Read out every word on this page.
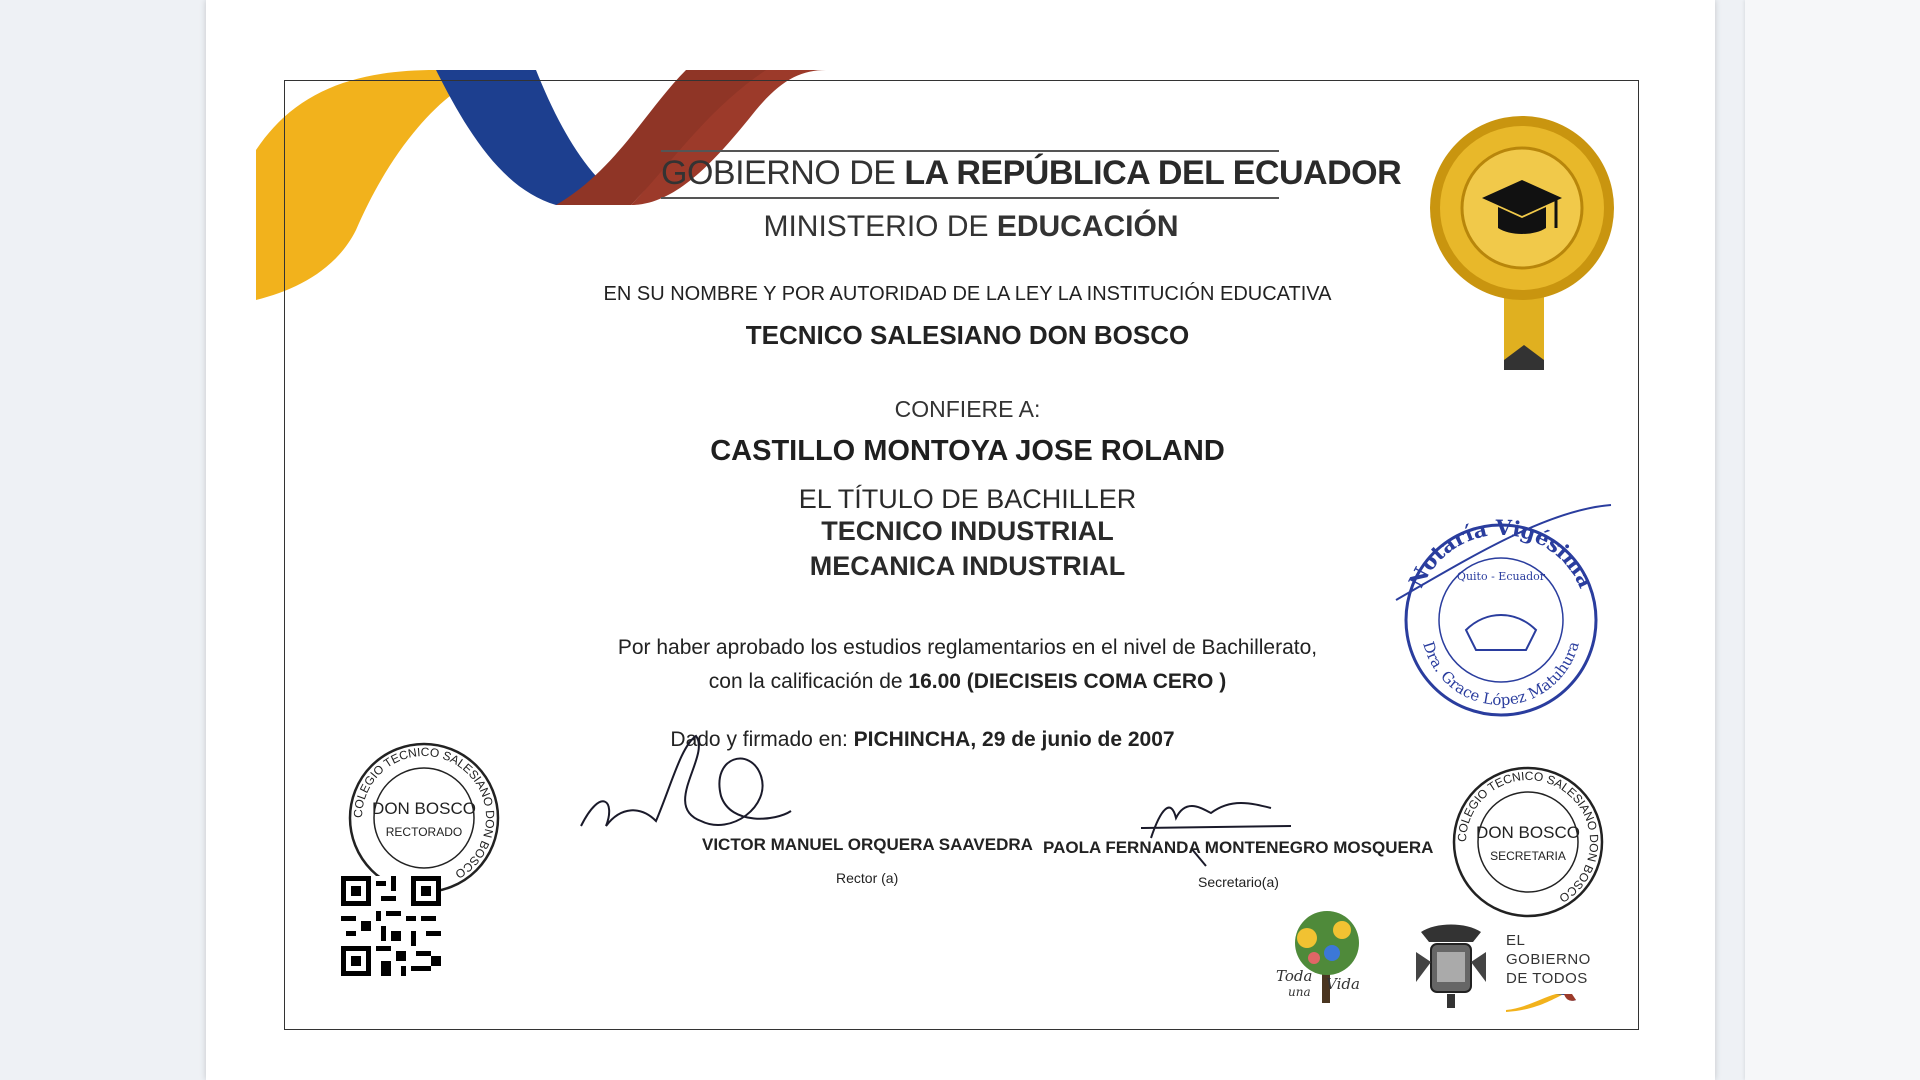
GOBIERNO DE LA REPÚBLICA DEL ECUADOR
MINISTERIO DE EDUCACIÓN
EN SU NOMBRE Y POR AUTORIDAD DE LA LEY LA INSTITUCIÓN EDUCATIVA
TECNICO SALESIANO DON BOSCO
CONFIERE A:
CASTILLO MONTOYA JOSE ROLAND
EL TÍTULO DE BACHILLER
TECNICO INDUSTRIAL
MECANICA INDUSTRIAL
Por haber aprobado los estudios reglamentarios en el nivel de Bachillerato,
con la calificación de 16.00 (DIECISEIS COMA CERO )
Dado y firmado en: PICHINCHA, 29 de junio de 2007
Notaría Vigésima
Dra. Grace López Matuhura
Quito - Ecuador
COLEGIO TECNICO SALESIANO DON BOSCO
DON BOSCO
RECTORADO	COLEGIO TECNICO SALESIANO DON BOSCO
DON BOSCO
SECRETARIA
VICTOR MANUEL ORQUERA SAAVEDRA
Rector (a)
PAOLA FERNANDA MONTENEGRO MOSQUERA
Secretario(a)
Toda
una Vida
EL
GOBIERNO
DE TODOS
